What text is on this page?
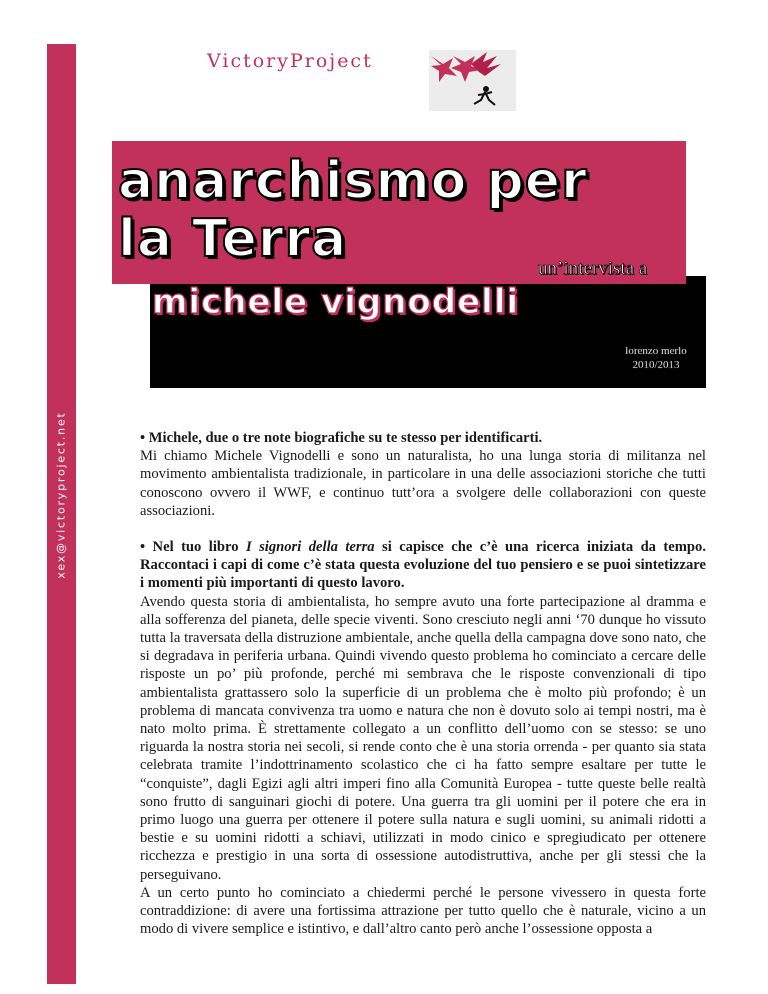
xex@victoryproject.net
VictoryProject
anarchismo per
la Terra	un’intervista a
michele vignodelli
lorenzo merlo
2010/2013

• Michele, due o tre note biografiche su te stesso per identificarti.

Mi chiamo Michele Vignodelli e sono un naturalista, ho una lunga storia di militanza nel movimento ambientalista tradizionale, in particolare in una delle associazioni storiche che tutti conoscono ovvero il WWF, e continuo tutt’ora a svolgere delle collaborazioni con queste associazioni.

• Nel tuo libro I signori della terra si capisce che c’è una ricerca iniziata da tempo. Raccontaci i capi di come c’è stata questa evoluzione del tuo pensiero e se puoi sintetizzare i momenti più importanti di questo lavoro.

Avendo questa storia di ambientalista, ho sempre avuto una forte partecipazione al dramma e alla sofferenza del pianeta, delle specie viventi. Sono cresciuto negli anni ‘70 dunque ho vissuto tutta la traversata della distruzione ambientale, anche quella della campagna dove sono nato, che si degradava in periferia urbana. Quindi vivendo questo problema ho cominciato a cercare delle risposte un po’ più profonde, perché mi sembrava che le risposte convenzionali di tipo ambientalista grattassero solo la superficie di un problema che è molto più profondo; è un problema di mancata convivenza tra uomo e natura che non è dovuto solo ai tempi nostri, ma è nato molto prima. È strettamente collegato a un conflitto dell’uomo con se stesso: se uno riguarda la nostra storia nei secoli, si rende conto che è una storia orrenda - per quanto sia stata celebrata tramite l’indottrinamento scolastico che ci ha fatto sempre esaltare per tutte le “conquiste”, dagli Egizi agli altri imperi fino alla Comunità Europea - tutte queste belle realtà sono frutto di sanguinari giochi di potere. Una guerra tra gli uomini per il potere che era in primo luogo una guerra per ottenere il potere sulla natura e sugli uomini, su animali ridotti a bestie e su uomini ridotti a schiavi, utilizzati in modo cinico e spregiudicato per ottenere ricchezza e prestigio in una sorta di ossessione autodistruttiva, anche per gli stessi che la perseguivano.

A un certo punto ho cominciato a chiedermi perché le persone vivessero in questa forte contraddizione: di avere una fortissima attrazione per tutto quello che è naturale, vicino a un modo di vivere semplice e istintivo, e dall’altro canto però anche l’ossessione opposta a
